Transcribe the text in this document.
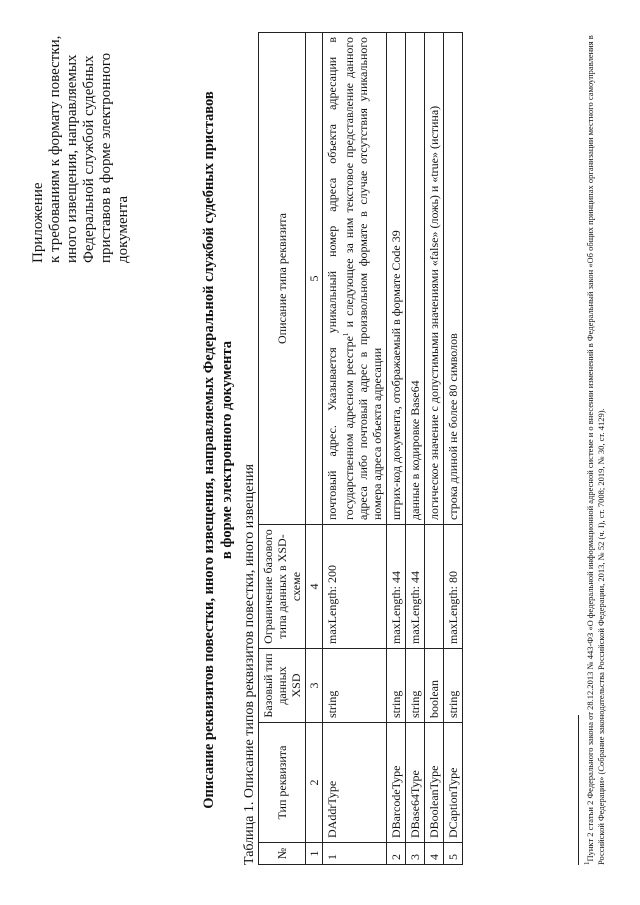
Приложение к требованиям к формату повестки, иного извещения, направляемых Федеральной службой судебных приставов в форме электронного документа	Описание реквизитов повестки, иного извещения, направляемых Федеральной службой судебных приставов в форме электронного документа
Таблица 1. Описание типов реквизитов повестки, иного извещения №	Тип реквизита	Базовый тип данных XSD	Ограничение базового типа данных в XSD-схеме	Описание типа реквизита
1	2	3	4	5
1	DAddrType	string	maxLength: 200	почтовый адрес. Указывается уникальный номер адреса объекта адресации в государственном адресном реестре$^1$ и следующее за ним текстовое представление данного адреса либо почтовый адрес в произвольном формате в случае отсутствия уникального номера адреса объекта адресации
2	DBarcodeType	string	maxLength: 44	штрих-код документа, отображаемый в формате Code 39
3	DBase64Type	string	maxLength: 44	данные в кодировке Base64
4	DBooleanType	boolean		логическое значение с допустимыми значениями «false» (ложь) и «true» (истина)
5	DCaptionType	string	maxLength: 80	строка длиной не более 80 символов
$^1$Пункт 2 статьи 2 Федерального закона от 28.12.2013 № 443-ФЗ «О федеральной информационной адресной системе и о внесении изменений в Федеральный закон «Об общих принципах организации местного самоуправления в Российской Федерации» (Собрание законодательства Российской Федерации, 2013, № 52 (ч. I), ст. 7008; 2019, № 30, ст. 4129).
